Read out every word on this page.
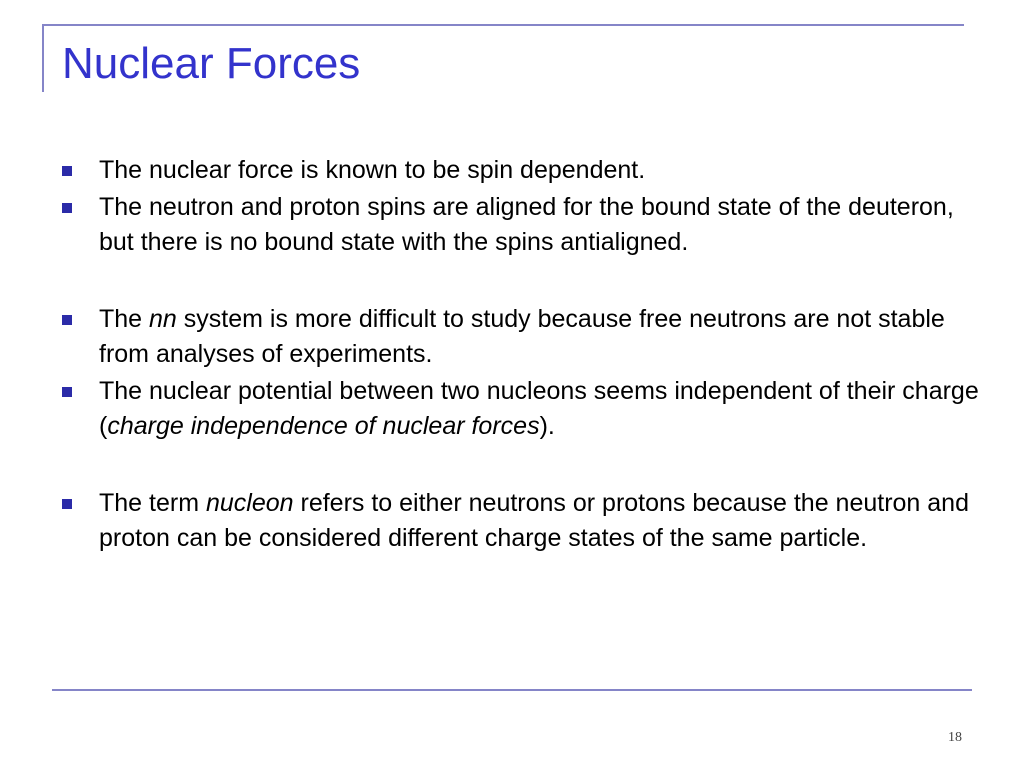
Nuclear Forces
The nuclear force is known to be spin dependent.
The neutron and proton spins are aligned for the bound state of the deuteron, but there is no bound state with the spins antialigned.
The nn system is more difficult to study because free neutrons are not stable from analyses of experiments.
The nuclear potential between two nucleons seems independent of their charge (charge independence of nuclear forces).
The term nucleon refers to either neutrons or protons because the neutron and proton can be considered different charge states of the same particle.
18
